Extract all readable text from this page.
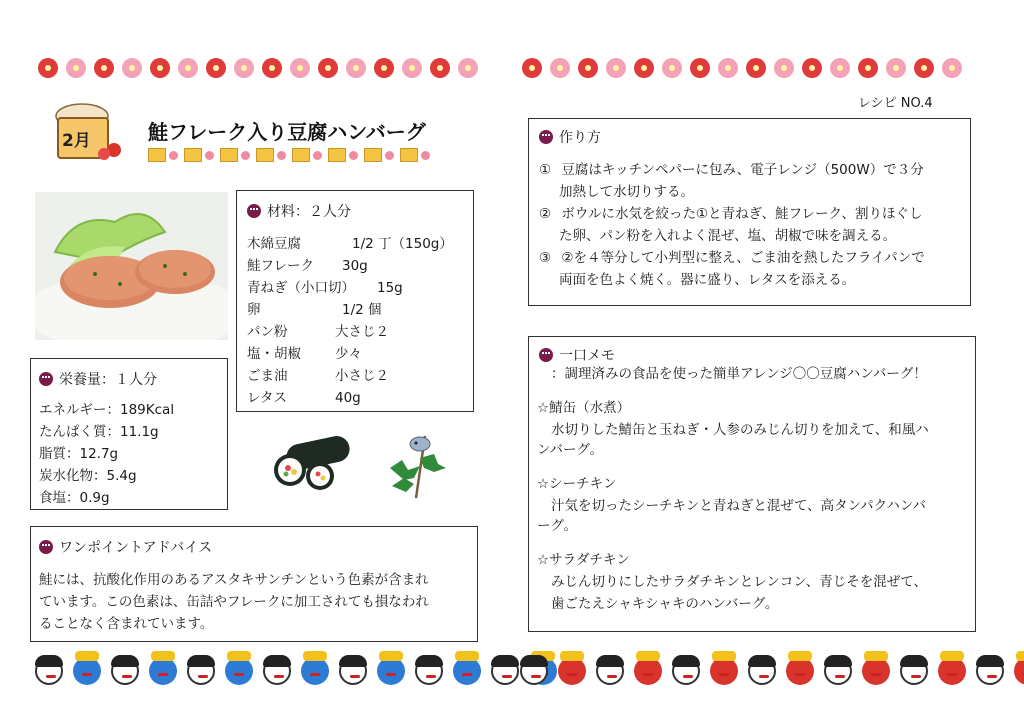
レシピ NO.4
2月	鮭フレーク入り豆腐ハンバーグ
材料：２人分
木綿豆腐	1/2 丁（150g）
鮭フレーク 30g
青ねぎ（小口切） 15g
卵	1/2 個
パン粉	大さじ２
塩・胡椒	少々
ごま油	小さじ２
レタス	40g
栄養量：１人分
エネルギー：189Kcal
たんぱく質：11.1g
脂質：12.7g
炭水化物：5.4g
食塩：0.9g
ワンポイントアドバイス
鮭には、抗酸化作用のあるアスタキサンチンという色素が含まれ
ています。この色素は、缶詰やフレークに加工されても損なわれ
ることなく含まれています。
作り方
① 豆腐はキッチンペパーに包み、電子レンジ（500W）で３分
加熱して水切りする。
② ボウルに水気を絞った①と青ねぎ、鮭フレーク、割りほぐし
た卵、パン粉を入れよく混ぜ、塩、胡椒で味を調える。
③ ②を４等分して小判型に整え、ごま油を熱したフライパンで
両面を色よく焼く。器に盛り、レタスを添える。
一口メモ
：調理済みの食品を使った簡単アレンジ〇〇豆腐ハンバーグ！
☆鯖缶（水煮）
水切りした鯖缶と玉ねぎ・人参のみじん切りを加えて、和風ハ
ンバーグ。
☆シーチキン
汁気を切ったシーチキンと青ねぎと混ぜて、高タンパクハンバ
ーグ。
☆サラダチキン
みじん切りにしたサラダチキンとレンコン、青じそを混ぜて、
歯ごたえシャキシャキのハンバーグ。
